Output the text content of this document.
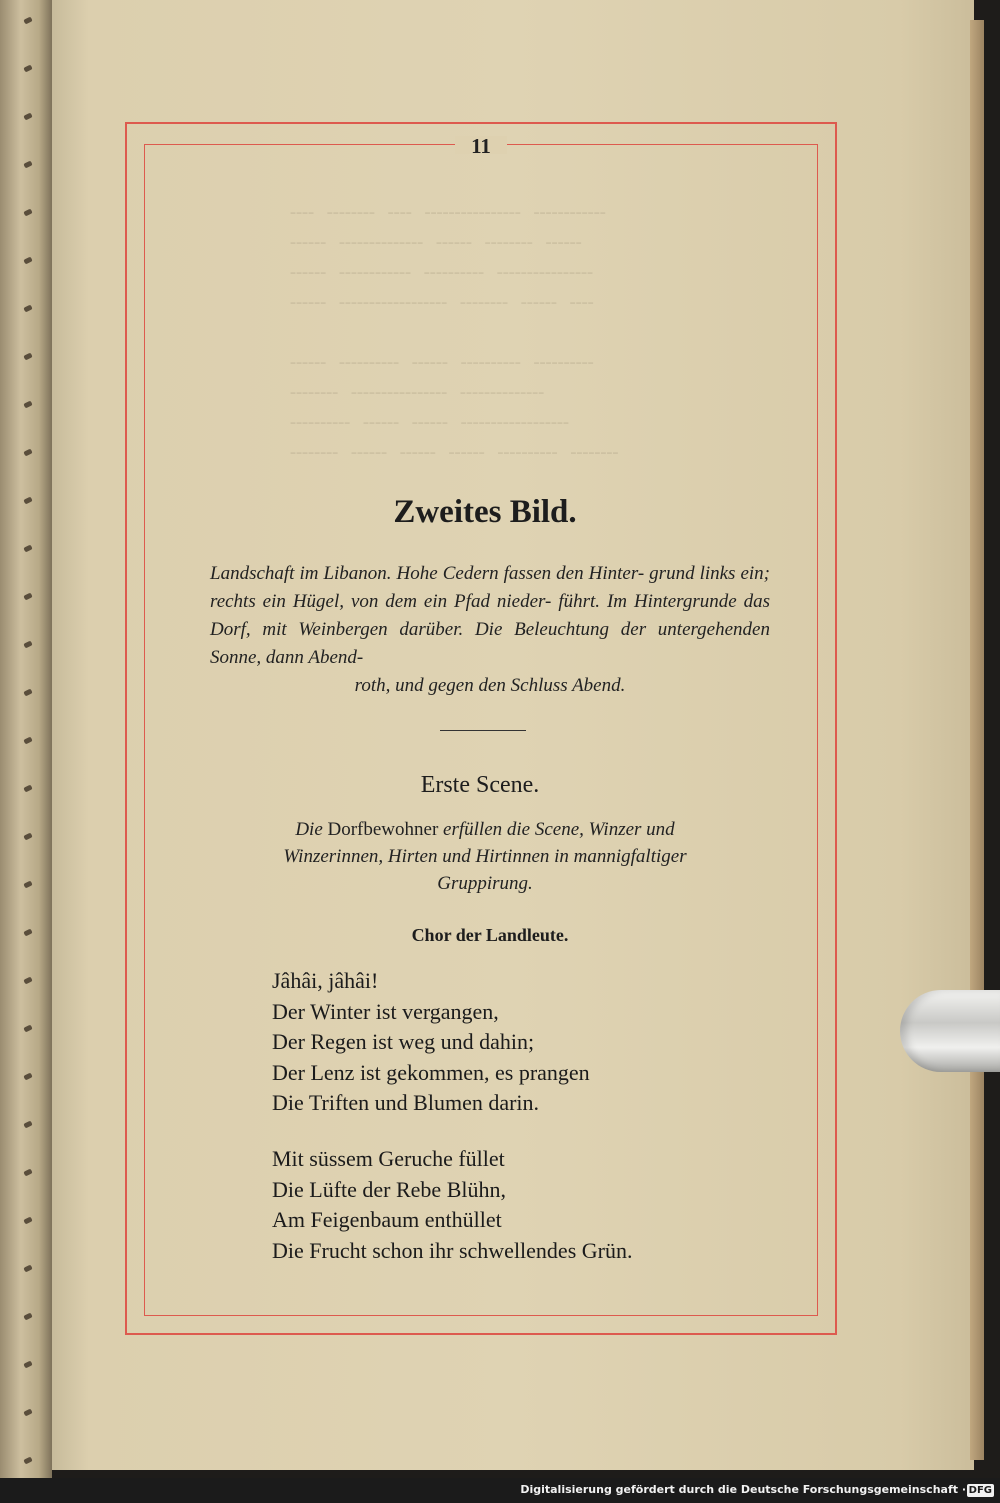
╌╌  ╌╌╌╌  ╌╌  ╌╌╌╌╌╌╌╌  ╌╌╌╌╌╌
╌╌╌  ╌╌╌╌╌╌╌  ╌╌╌  ╌╌╌╌  ╌╌╌
╌╌╌  ╌╌╌╌╌╌  ╌╌╌╌╌  ╌╌╌╌╌╌╌╌
╌╌╌  ╌╌╌╌╌╌╌╌╌  ╌╌╌╌  ╌╌╌  ╌╌

╌╌╌  ╌╌╌╌╌  ╌╌╌  ╌╌╌╌╌  ╌╌╌╌╌
╌╌╌╌  ╌╌╌╌╌╌╌╌  ╌╌╌╌╌╌╌
╌╌╌╌╌  ╌╌╌  ╌╌╌  ╌╌╌╌╌╌╌╌╌
╌╌╌╌  ╌╌╌  ╌╌╌  ╌╌╌  ╌╌╌╌╌  ╌╌╌╌
11
Zweites Bild.
Landschaft im Libanon. Hohe Cedern fassen den Hinter- grund links ein; rechts ein Hügel, von dem ein Pfad nieder- führt. Im Hintergrunde das Dorf, mit Weinbergen darüber. Die Beleuchtung der untergehenden Sonne, dann Abend-
roth, und gegen den Schluss Abend.
Erste Scene.
Die Dorfbewohner erfüllen die Scene, Winzer und
Winzerinnen, Hirten und Hirtinnen in mannigfaltiger
Gruppirung.
Chor der Landleute.
Jâhâi, jâhâi!
Der Winter ist vergangen,
Der Regen ist weg und dahin;
Der Lenz ist gekommen, es prangen
Die Triften und Blumen darin.
Mit süssem Geruche füllet
Die Lüfte der Rebe Blühn,
Am Feigenbaum enthüllet
Die Frucht schon ihr schwellendes Grün.
Digitalisierung gefördert durch die Deutsche Forschungsgemeinschaft · DFG
